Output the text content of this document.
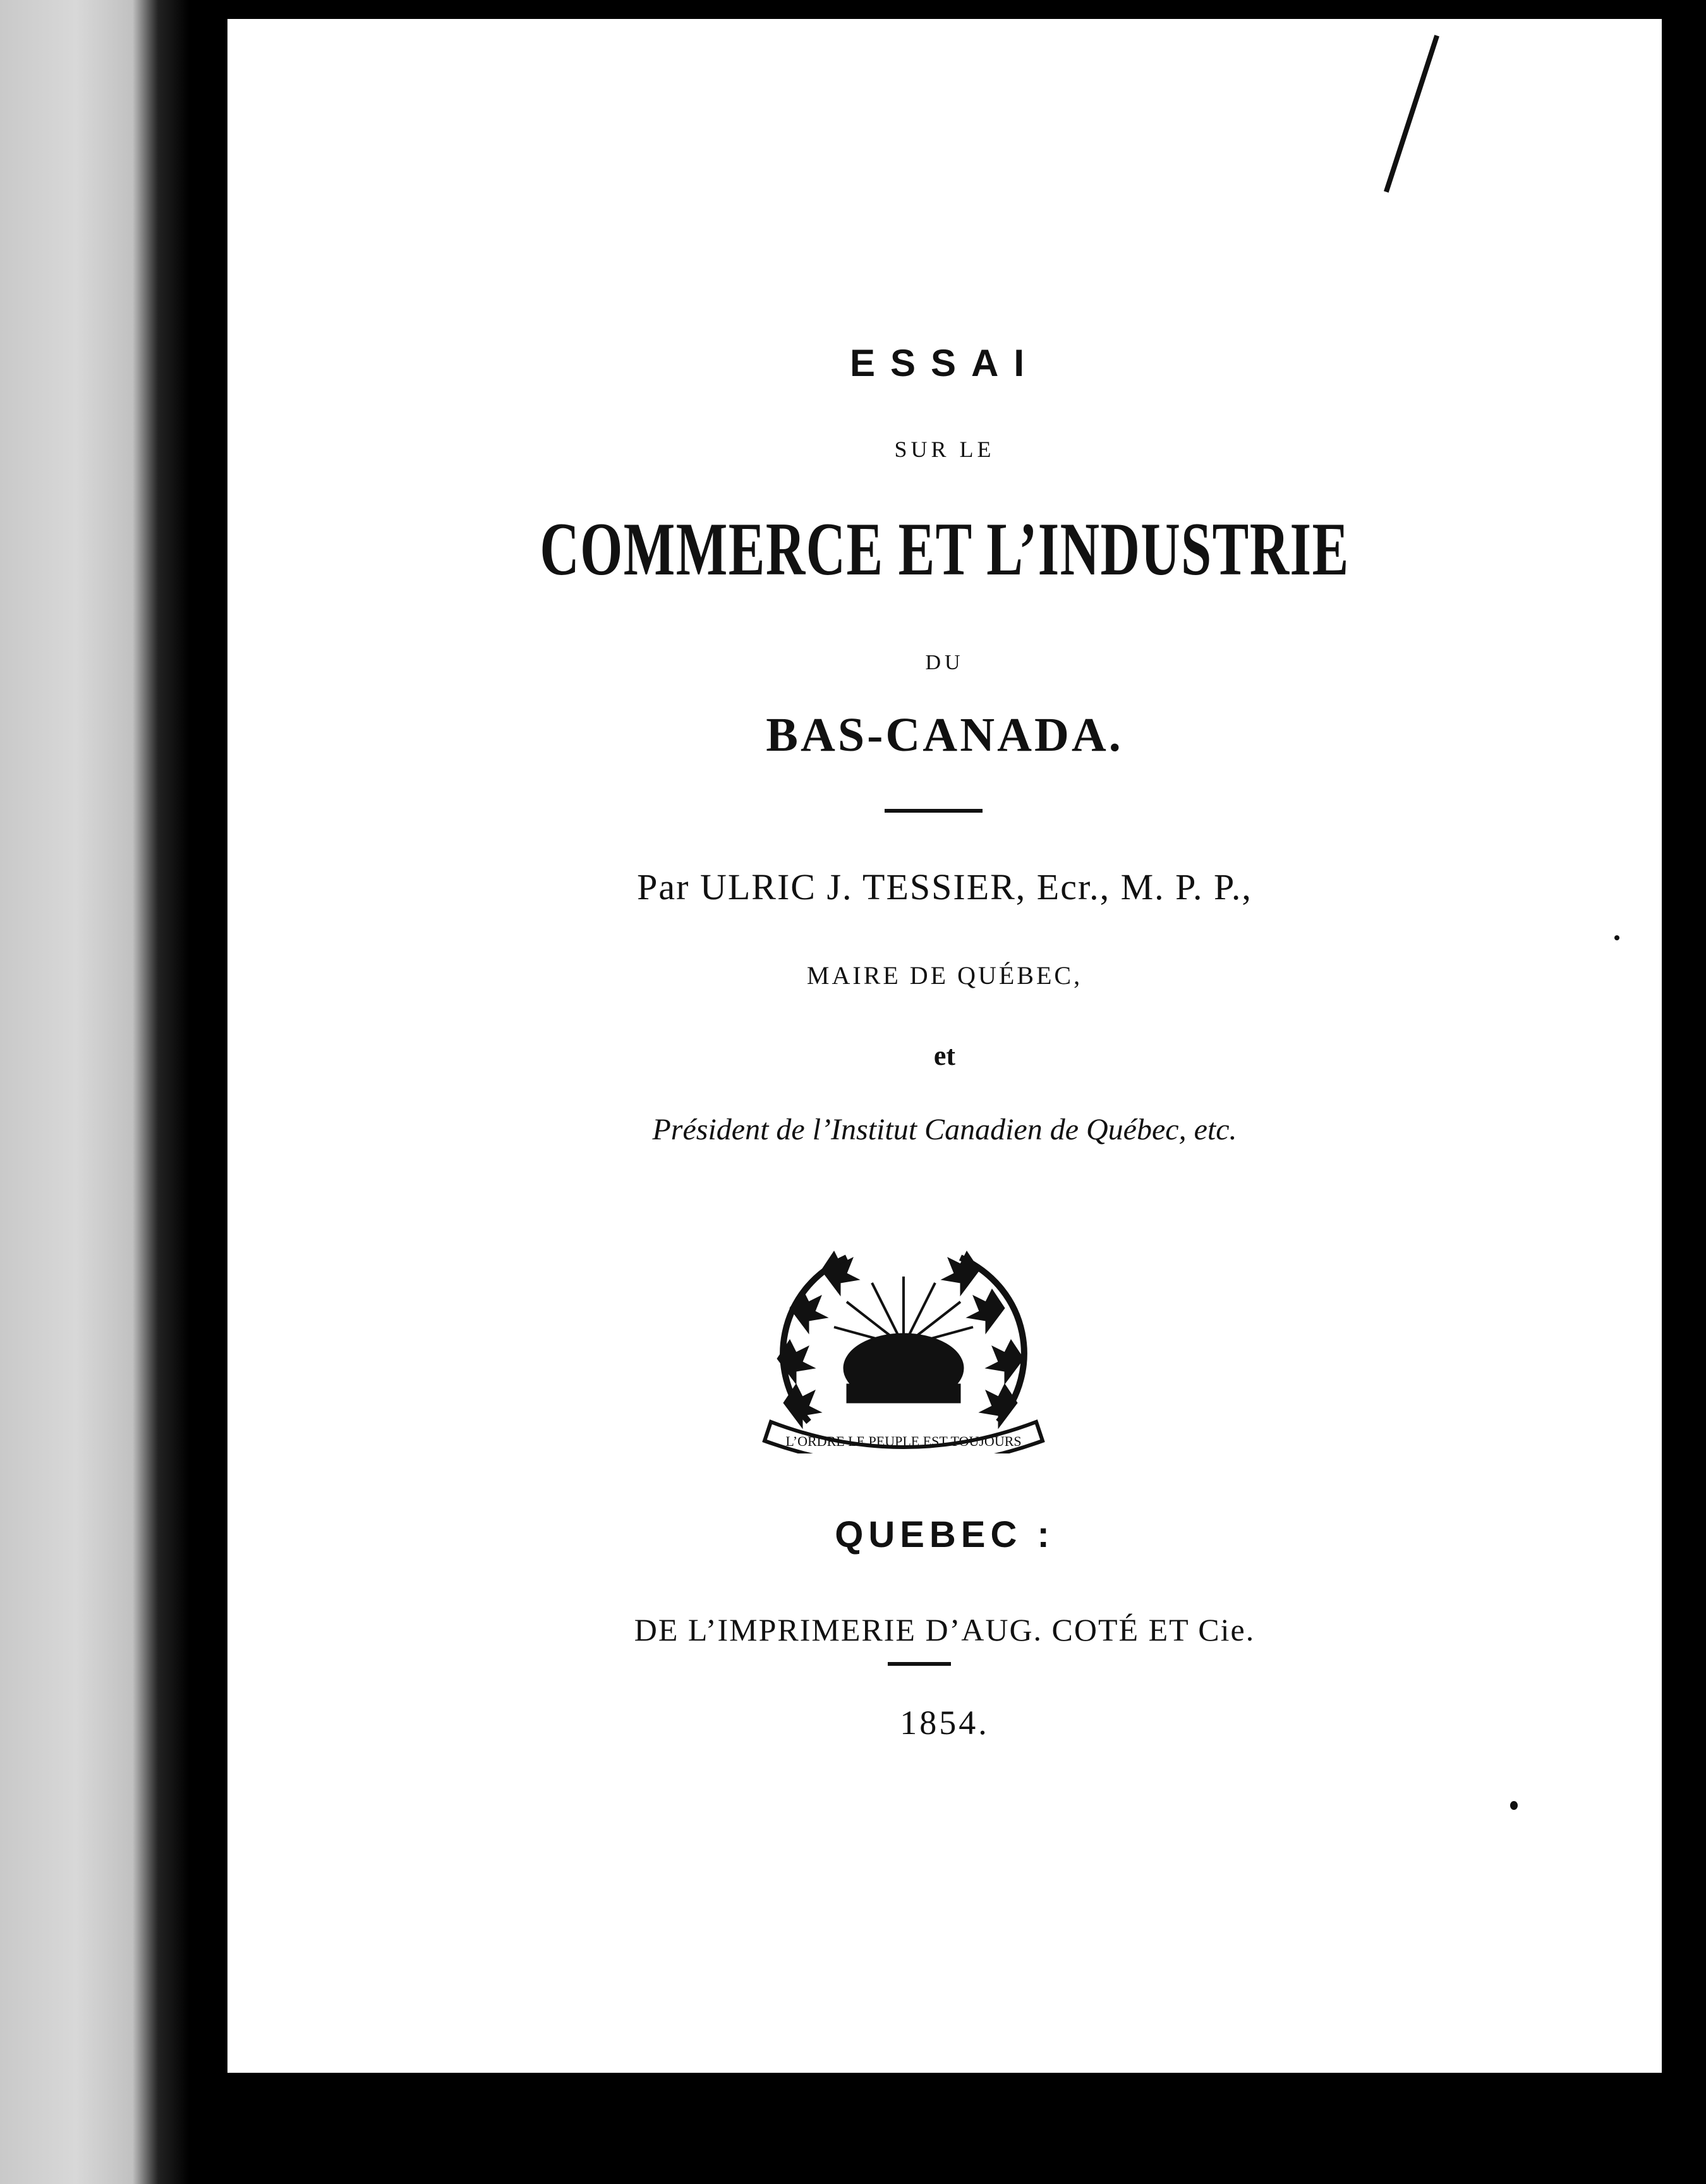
ESSAI
SUR LE
COMMERCE ET L’INDUSTRIE
DU
BAS-CANADA.
Par ULRIC J. TESSIER, Ecr., M. P. P.,
MAIRE DE QUÉBEC,
et
Président de l’Institut Canadien de Québec, etc.
L’ORDRE LE PEUPLE EST TOUJOURS
QUEBEC :
DE L’IMPRIMERIE D’AUG. COTÉ ET Cie.
1854.
